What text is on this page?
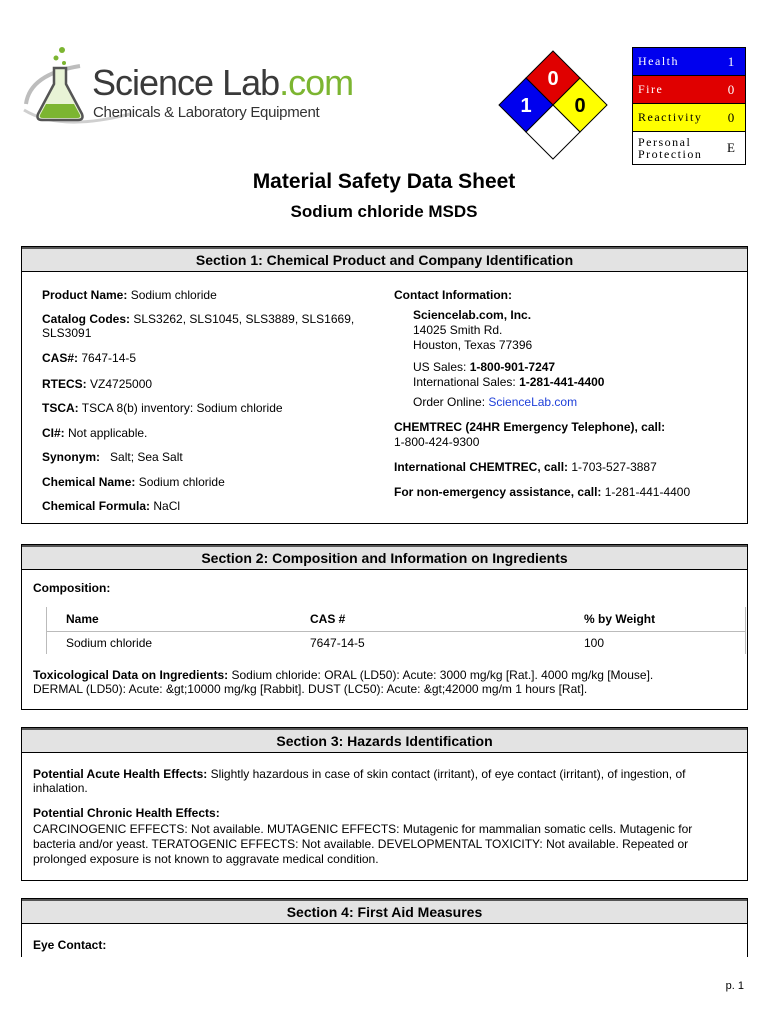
Science Lab.com
Chemicals & Laboratory Equipment
0
1 0
Health	1
Fire	0
Reactivity	0
Personal
Protection	E
Material Safety Data Sheet
Sodium chloride MSDS
Section 1: Chemical Product and Company Identification
Product Name: Sodium chloride
Catalog Codes: SLS3262, SLS1045, SLS3889, SLS1669,
SLS3091
CAS#: 7647-14-5
RTECS: VZ4725000
TSCA: TSCA 8(b) inventory: Sodium chloride
CI#: Not applicable.
Synonym:   Salt; Sea Salt
Chemical Name: Sodium chloride
Chemical Formula: NaCl
Contact Information:
Sciencelab.com, Inc.
14025 Smith Rd.
Houston, Texas 77396
US Sales: 1-800-901-7247
International Sales: 1-281-441-4400
Order Online: ScienceLab.com
CHEMTREC (24HR Emergency Telephone), call:
1-800-424-9300
International CHEMTREC, call: 1-703-527-3887
For non-emergency assistance, call: 1-281-441-4400
Section 2: Composition and Information on Ingredients
Composition:
Name	CAS #	% by Weight
Sodium chloride	7647-14-5	100
Toxicological Data on Ingredients: Sodium chloride: ORAL (LD50): Acute: 3000 mg/kg [Rat.]. 4000 mg/kg [Mouse].
DERMAL (LD50): Acute: &gt;10000 mg/kg [Rabbit]. DUST (LC50): Acute: &gt;42000 mg/m 1 hours [Rat].
Section 3: Hazards Identification
Potential Acute Health Effects: Slightly hazardous in case of skin contact (irritant), of eye contact (irritant), of ingestion, of
inhalation.
Potential Chronic Health Effects:
CARCINOGENIC EFFECTS: Not available. MUTAGENIC EFFECTS: Mutagenic for mammalian somatic cells. Mutagenic for
bacteria and/or yeast. TERATOGENIC EFFECTS: Not available. DEVELOPMENTAL TOXICITY: Not available. Repeated or
prolonged exposure is not known to aggravate medical condition.
Section 4: First Aid Measures
Eye Contact:
p. 1
